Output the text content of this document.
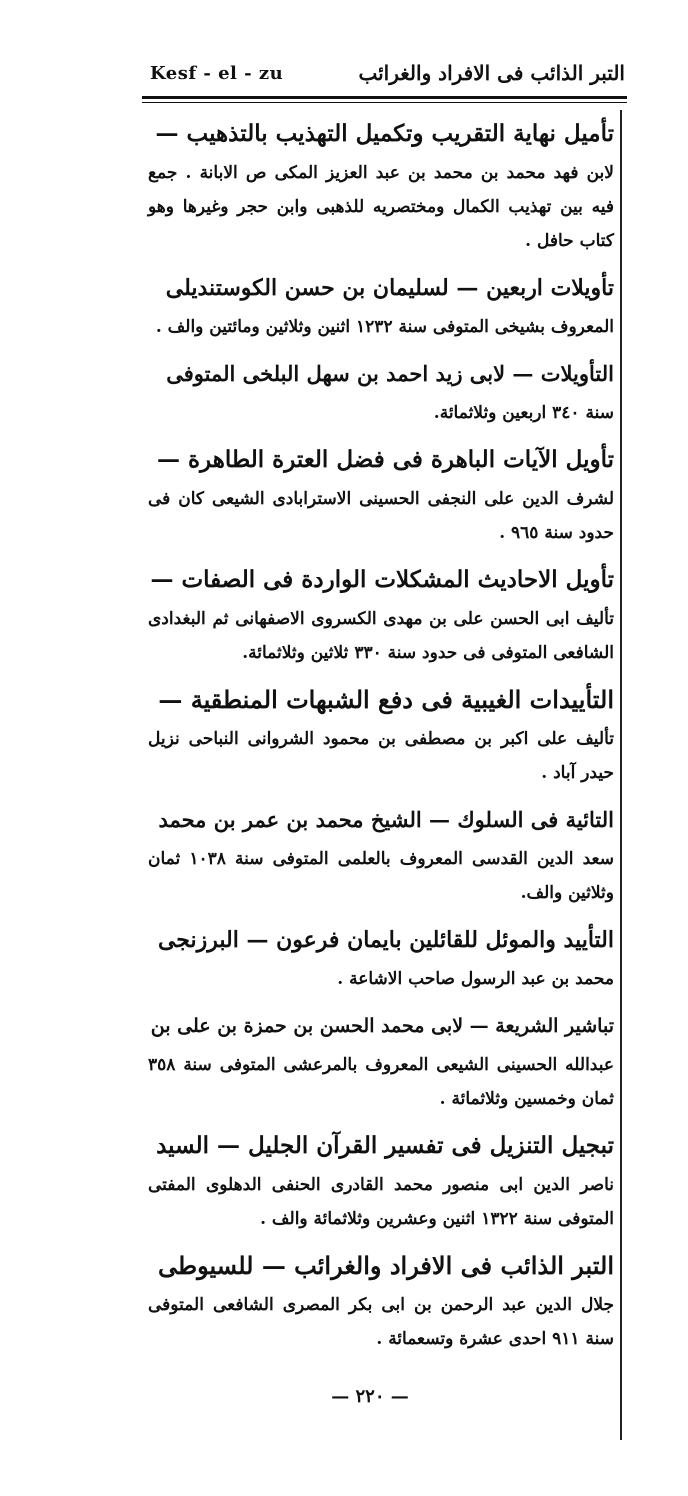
Kesf - el - zu	التبر الذائب فى الافراد والغرائب
تأميل نهاية التقريب وتكميل التهذيب بالتذهيب —
لابن فهد محمد بن محمد بن عبد العزيز المكى ص الابانة . جمع فيه بين تهذيب الكمال ومختصريه للذهبى وابن حجر وغيرها وهو كتاب حافل .
تأويلات اربعين — لسليمان بن حسن الكوستنديلى
المعروف بشيخى المتوفى سنة ١٢٣٢ اثنين وثلاثين ومائتين والف .
التأويلات — لابى زيد احمد بن سهل البلخى المتوفى
سنة ٣٤٠ اربعين وثلاثمائة.
تأويل الآيات الباهرة فى فضل العترة الطاهرة —
لشرف الدين على النجفى الحسينى الاسترابادى الشيعى كان فى حدود سنة ٩٦٥ .
تأويل الاحاديث المشكلات الواردة فى الصفات —
تأليف ابى الحسن على بن مهدى الكسروى الاصفهانى ثم البغدادى الشافعى المتوفى فى حدود سنة ٣٣٠ ثلاثين وثلاثمائة.
التأييدات الغيبية فى دفع الشبهات المنطقية —
تأليف على اكبر بن مصطفى بن محمود الشروانى النباحى نزيل حيدر آباد .
التائية فى السلوك — الشيخ محمد بن عمر بن محمد
سعد الدين القدسى المعروف بالعلمى المتوفى سنة ١٠٣٨ ثمان وثلاثين والف.
التأييد والموئل للقائلين بايمان فرعون — البرزنجى
محمد بن عبد الرسول صاحب الاشاعة .
تباشير الشريعة — لابى محمد الحسن بن حمزة بن على بن
عبدالله الحسينى الشيعى المعروف بالمرعشى المتوفى سنة ٣٥٨ ثمان وخمسين وثلاثمائة .
تبجيل التنزيل فى تفسير القرآن الجليل — السيد
ناصر الدين ابى منصور محمد القادرى الحنفى الدهلوى المفتى المتوفى سنة ١٣٢٢ اثنين وعشرين وثلاثمائة والف .
التبر الذائب فى الافراد والغرائب — للسيوطى
جلال الدين عبد الرحمن بن ابى بكر المصرى الشافعى المتوفى سنة ٩١١ احدى عشرة وتسعمائة .
— ٢٢٠ —
